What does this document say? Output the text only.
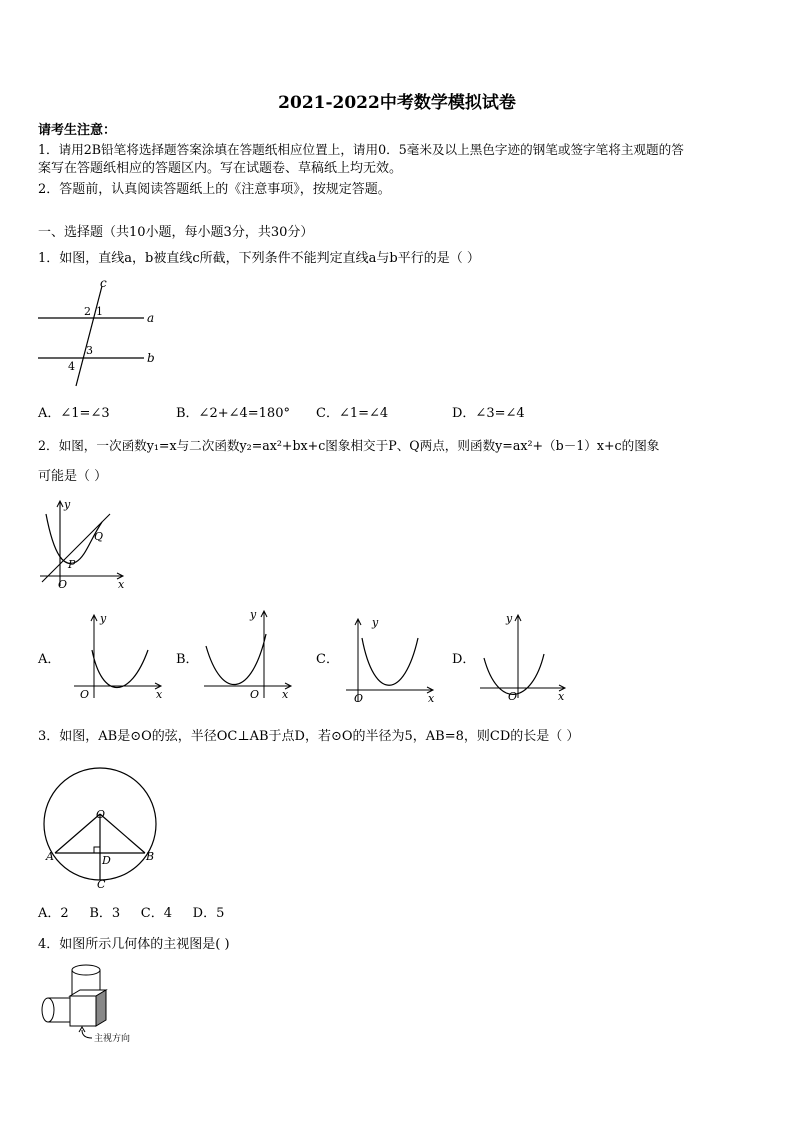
2021-2022中考数学模拟试卷
请考生注意：
1．请用2B铅笔将选择题答案涂填在答题纸相应位置上，请用0．5毫米及以上黑色字迹的钢笔或签字笔将主观题的答
案写在答题纸相应的答题区内。写在试题卷、草稿纸上均无效。
2．答题前，认真阅读答题纸上的《注意事项》，按规定答题。
一、选择题（共10小题，每小题3分，共30分）
1．如图，直线a，b被直线c所截，下列条件不能判定直线a与b平行的是（ ）
c
a
b
1
2
3
4
A．∠1=∠3	B．∠2+∠4=180° C．∠1=∠4	D．∠3=∠4
2．如图，一次函数y₁=x与二次函数y₂=ax²+bx+c图象相交于P、Q两点，则函数y=ax²+（b－1）x+c的图象
可能是（ ）
y
x
O
P
Q
A．
y
x
O
B．
y
x
O
C．
y
x
O
D．
y
x
O
3．如图，AB是⊙O的弦，半径OC⊥AB于点D，若⊙O的半径为5，AB=8，则CD的长是（ ）
O
A	B
D
C
A．2     B．3     C．4     D．5
4．如图所示几何体的主视图是( )
主视方向
